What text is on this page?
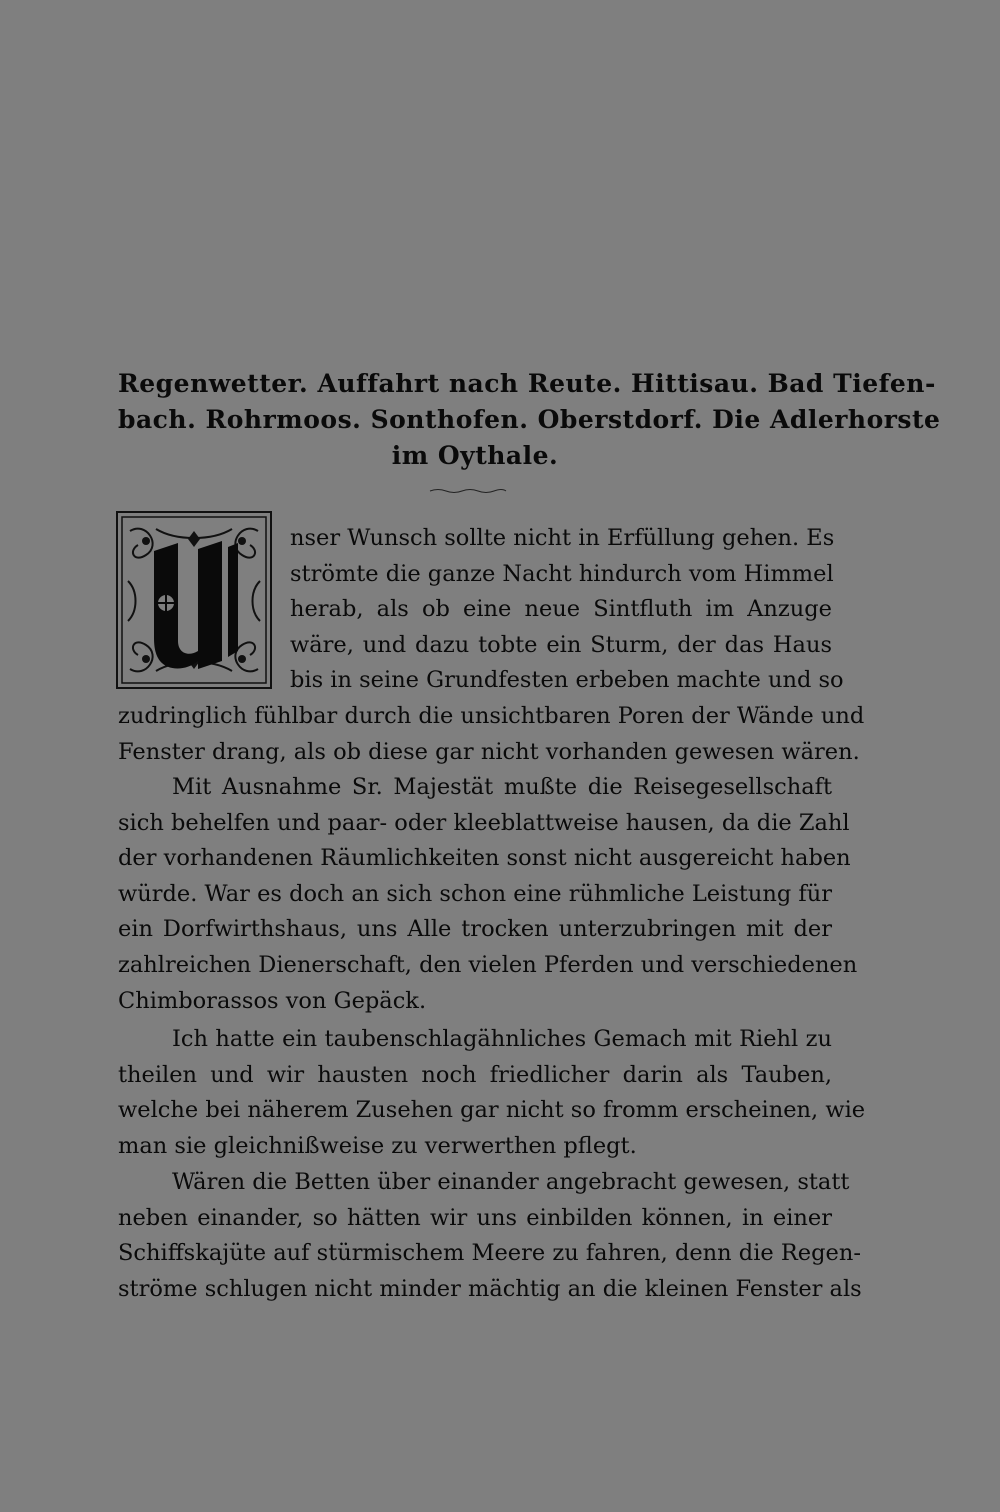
Regenwetter. Auffahrt nach Reute. Hittisau. Bad Tiefen-
bach. Rohrmoos. Sonthofen. Oberstdorf. Die Adlerhorste
im Oythale.
nser Wunsch sollte nicht in Erfüllung gehen. Es
strömte die ganze Nacht hindurch vom Himmel
herab, als ob eine neue Sintfluth im Anzuge
wäre, und dazu tobte ein Sturm, der das Haus
bis in seine Grundfesten erbeben machte und so
zudringlich fühlbar durch die unsichtbaren Poren der Wände und
Fenster drang, als ob diese gar nicht vorhanden gewesen wären.
Mit Ausnahme Sr. Majestät mußte die Reisegesellschaft
sich behelfen und paar- oder kleeblattweise hausen, da die Zahl
der vorhandenen Räumlichkeiten sonst nicht ausgereicht haben
würde. War es doch an sich schon eine rühmliche Leistung für
ein Dorfwirthshaus, uns Alle trocken unterzubringen mit der
zahlreichen Dienerschaft, den vielen Pferden und verschiedenen
Chimborassos von Gepäck.
Ich hatte ein taubenschlagähnliches Gemach mit Riehl zu
theilen und wir hausten noch friedlicher darin als Tauben,
welche bei näherem Zusehen gar nicht so fromm erscheinen, wie
man sie gleichnißweise zu verwerthen pflegt.
Wären die Betten über einander angebracht gewesen, statt
neben einander, so hätten wir uns einbilden können, in einer
Schiffskajüte auf stürmischem Meere zu fahren, denn die Regen-
ströme schlugen nicht minder mächtig an die kleinen Fenster als
